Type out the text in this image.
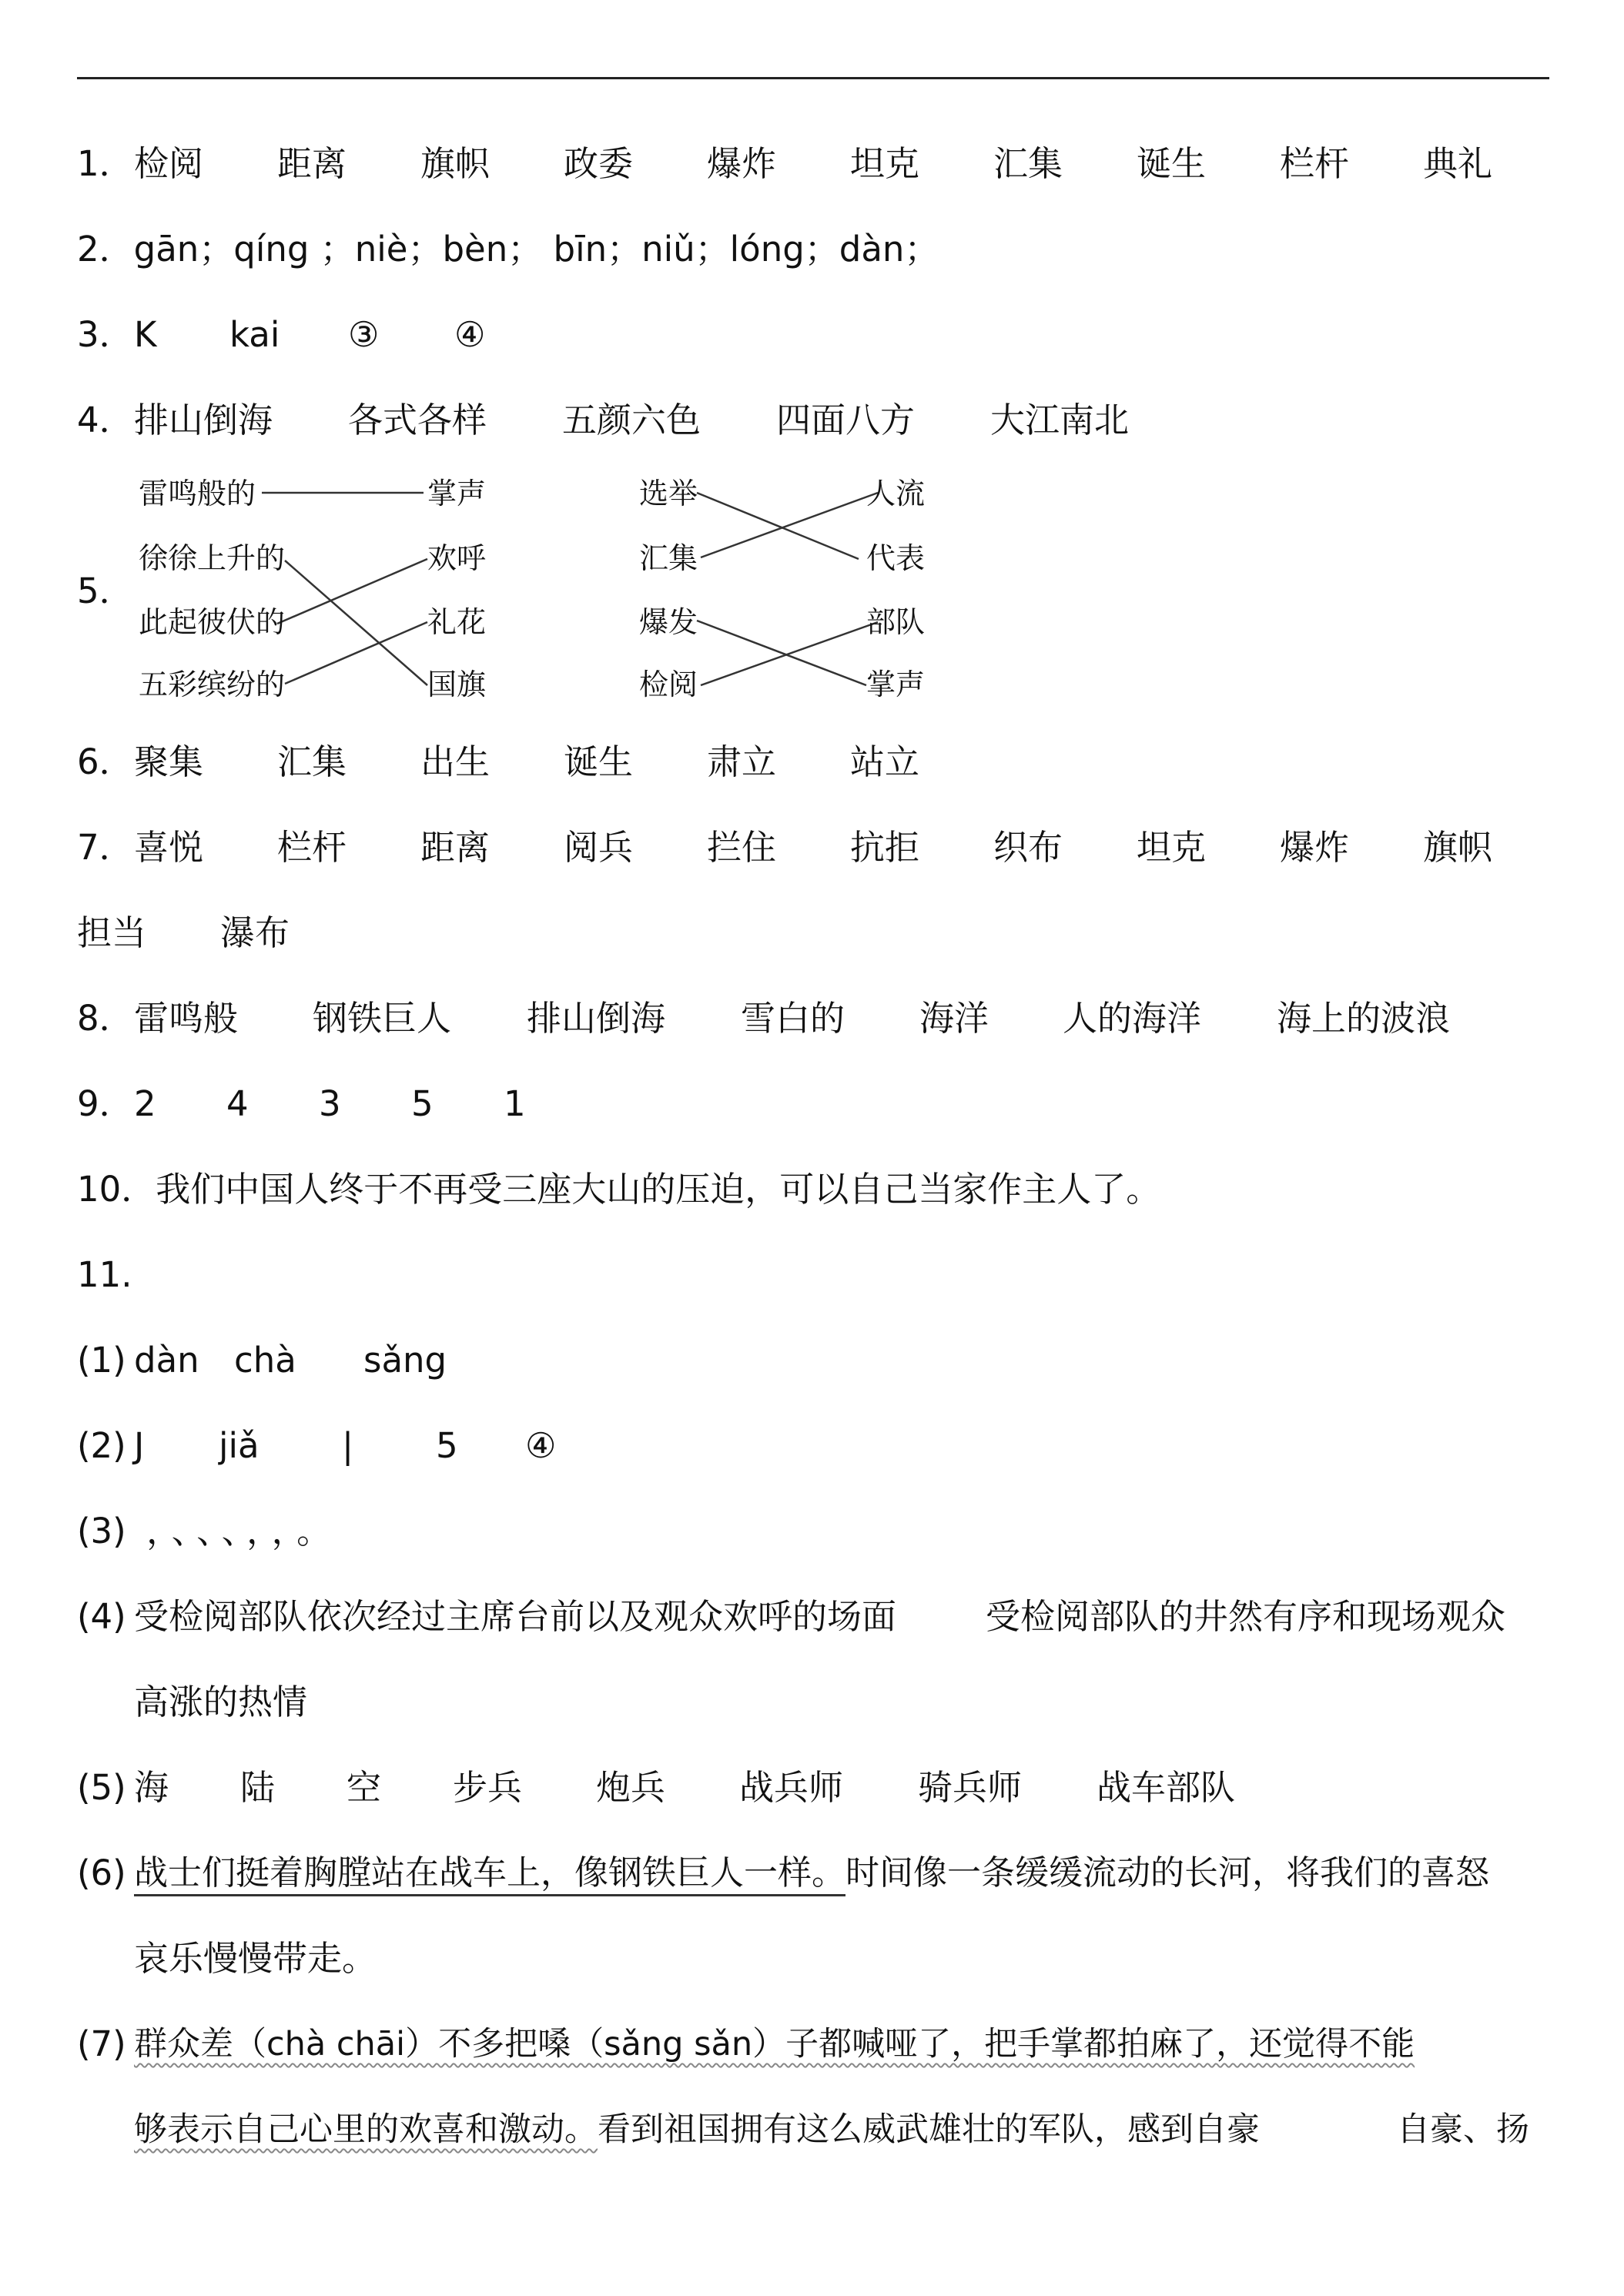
1． 检阅 距离 旗帜 政委 爆炸 坦克 汇集 诞生 栏杆 典礼
2．gān；qíng ；niè；bèn； bīn；niǔ；lóng；dàn；
3． K kai ③ ④
4． 排山倒海 各式各样 五颜六色 四面八方 大江南北
5．
雷鸣般的
徐徐上升的
此起彼伏的
五彩缤纷的
掌声
欢呼
礼花
国旗
选举
汇集
爆发
检阅
人流
代表
部队
掌声
6． 聚集 汇集 出生 诞生 肃立 站立
7． 喜悦 栏杆 距离 阅兵 拦住 抗拒 织布 坦克 爆炸 旗帜
担当 瀑布
8． 雷鸣般 钢铁巨人 排山倒海 雪白的 海洋 人的海洋 海上的波浪
9． 2 4 3 5 1
10．我们中国人终于不再受三座大山的压迫，可以自己当家作主人了。
11.
(1) dàn chà sǎng
(2) J jiǎ | 5 ④
(3) ，、、、，，。
(4) 受检阅部队依次经过主席台前以及观众欢呼的场面	受检阅部队的井然有序和现场观众
高涨的热情
(5) 海 陆 空 步兵 炮兵 战兵师 骑兵师 战车部队
(6) 战士们挺着胸膛站在战车上，像钢铁巨人一样。时间像一条缓缓流动的长河，将我们的喜怒
哀乐慢慢带走。
(7) 群众差（chà chāi）不多把嗓（sǎng sǎn）子都喊哑了，把手掌都拍麻了，还觉得不能
够表示自己心里的欢喜和激动。看到祖国拥有这么威武雄壮的军队，感到自豪	自豪、扬
